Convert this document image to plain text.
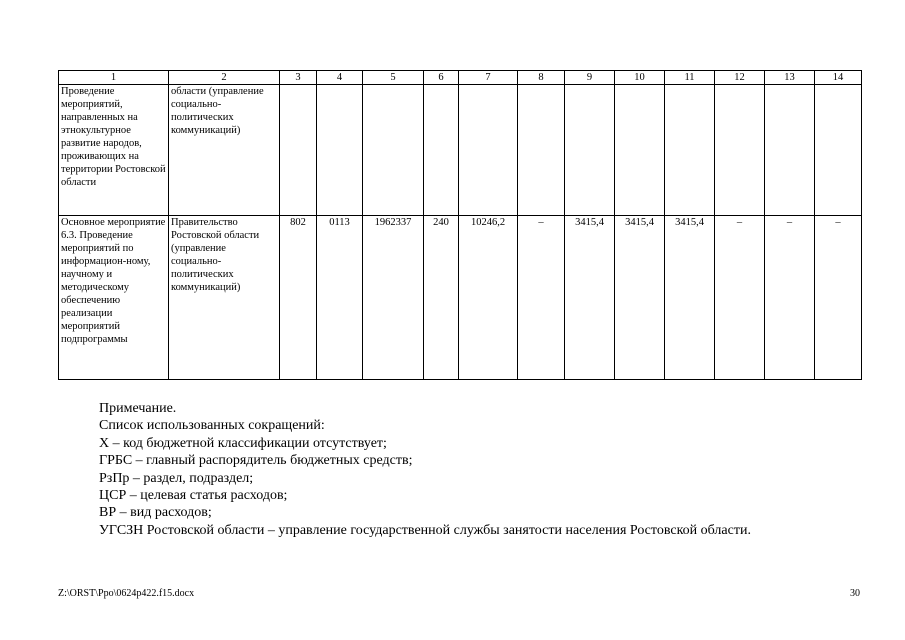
1	2	3	4	5	6	7	8	9	10	11	12	13	14
Проведение мероприятий, направленных на этнокультурное развитие народов, проживающих на территории Ростовской области	области (управление социально-политических коммуникаций)												
Основное мероприятие 6.3. Проведение мероприятий по информацион-ному, научному и методическому обеспечению реализации мероприятий подпрограммы	Правительство Ростовской области (управление социально-политических коммуникаций)	802	0113	1962337	240	10246,2	–	3415,4	3415,4	3415,4	–	–	–
Примечание.
Список использованных сокращений:
Х – код бюджетной классификации отсутствует;
ГРБС – главный распорядитель бюджетных средств;
РзПр – раздел, подраздел;
ЦСР – целевая статья расходов;
ВР – вид расходов;
УГСЗН Ростовской области – управление государственной службы занятости населения Ростовской области.
Z:\ORST\Ppo\0624p422.f15.docx	30
